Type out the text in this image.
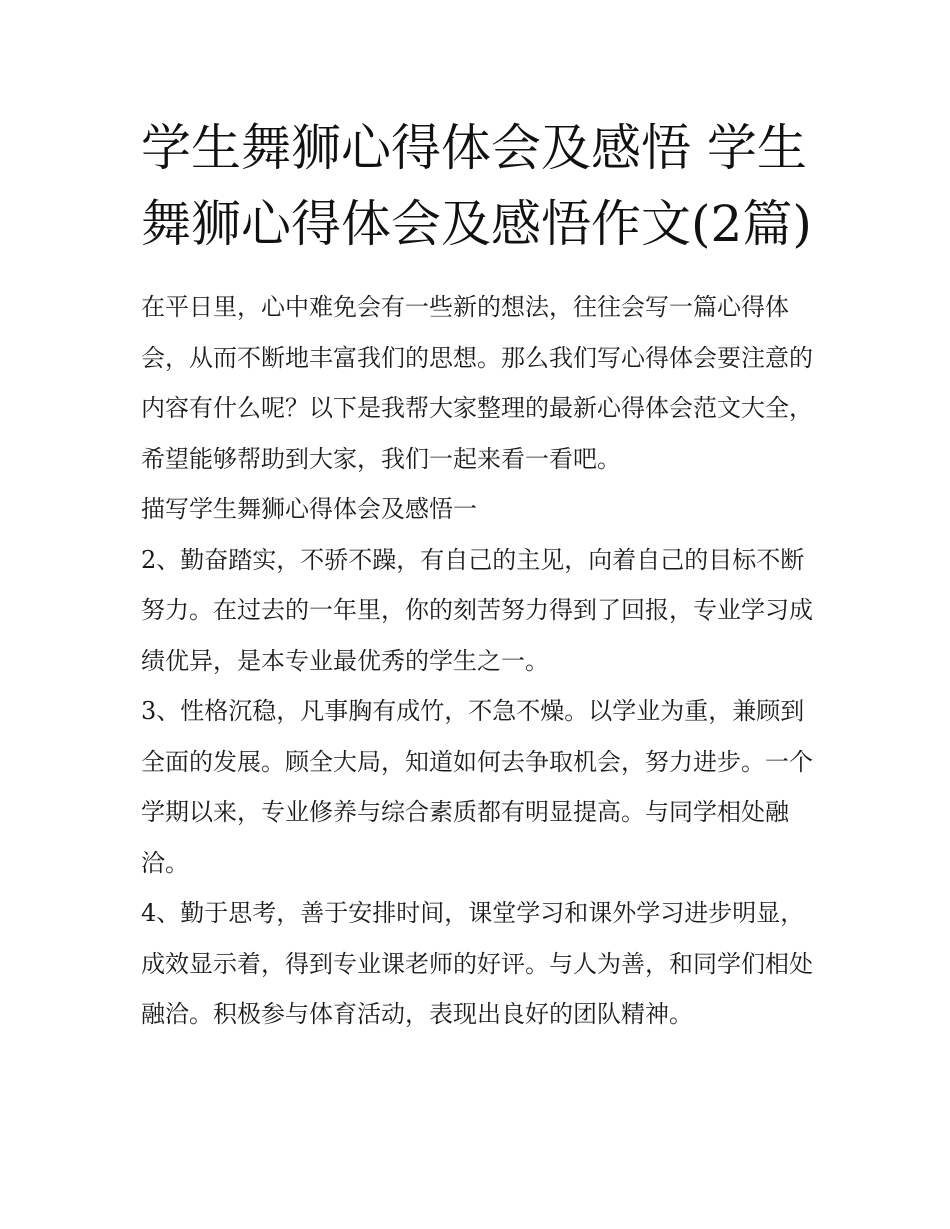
学生舞狮心得体会及感悟 学生舞狮心得体会及感悟作文(2篇)

在平日里，心中难免会有一些新的想法，往往会写一篇心得体会，从而不断地丰富我们的思想。那么我们写心得体会要注意的内容有什么呢？以下是我帮大家整理的最新心得体会范文大全，希望能够帮助到大家，我们一起来看一看吧。

描写学生舞狮心得体会及感悟一

2、勤奋踏实，不骄不躁，有自己的主见，向着自己的目标不断努力。在过去的一年里，你的刻苦努力得到了回报，专业学习成绩优异，是本专业最优秀的学生之一。

3、性格沉稳，凡事胸有成竹，不急不燥。以学业为重，兼顾到全面的发展。顾全大局，知道如何去争取机会，努力进步。一个学期以来，专业修养与综合素质都有明显提高。与同学相处融洽。

4、勤于思考，善于安排时间，课堂学习和课外学习进步明显，成效显示着，得到专业课老师的好评。与人为善，和同学们相处融洽。积极参与体育活动，表现出良好的团队精神。
